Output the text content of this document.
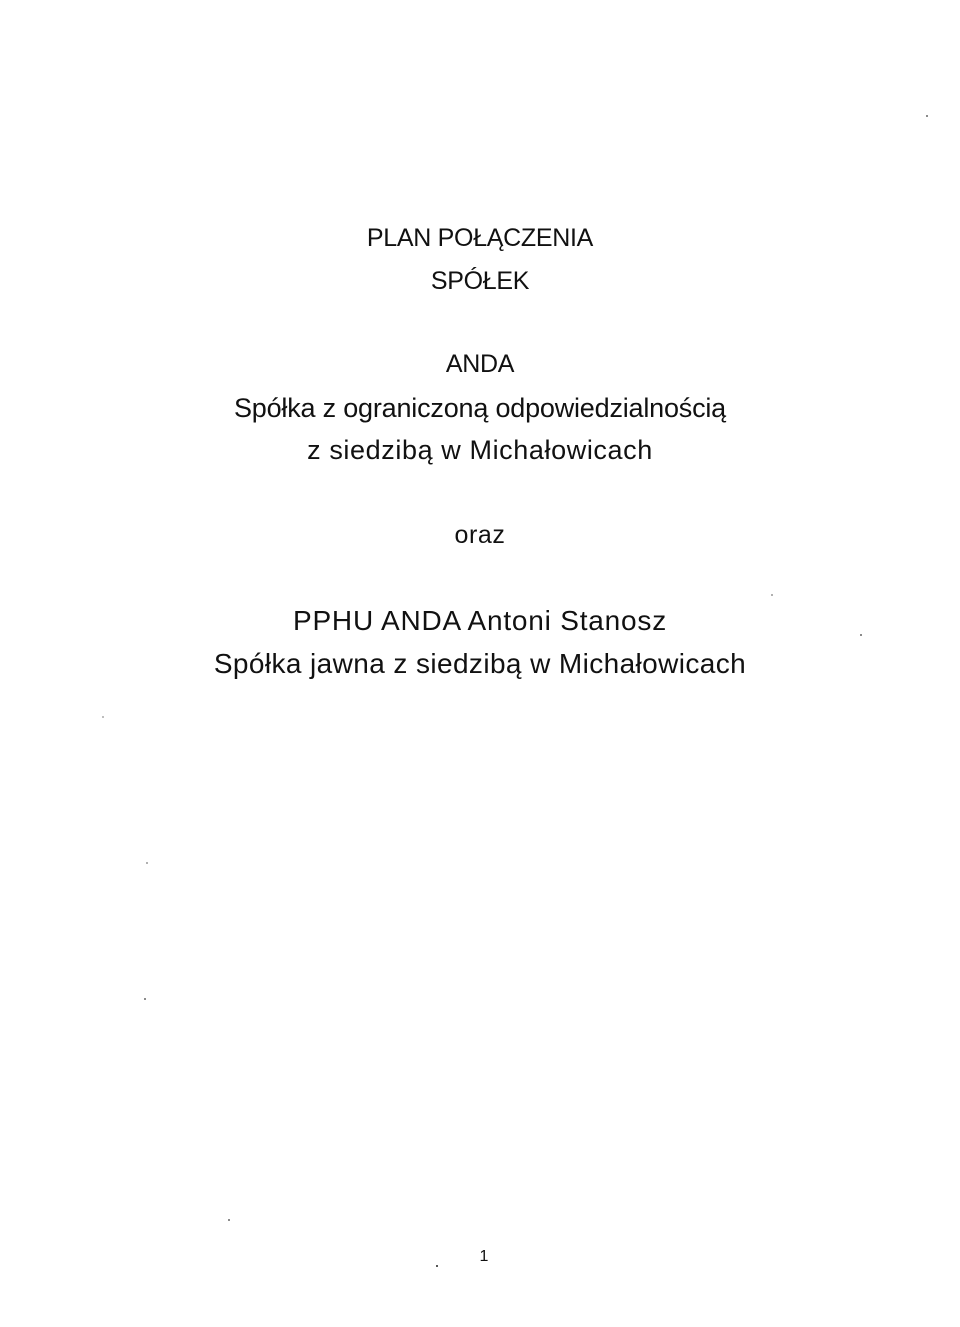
PLAN POŁĄCZENIA
SPÓŁEK
ANDA
Spółka z ograniczoną odpowiedzialnością
z siedzibą w Michałowicach
oraz
PPHU ANDA Antoni Stanosz
Spółka jawna z siedzibą w Michałowicach
1
